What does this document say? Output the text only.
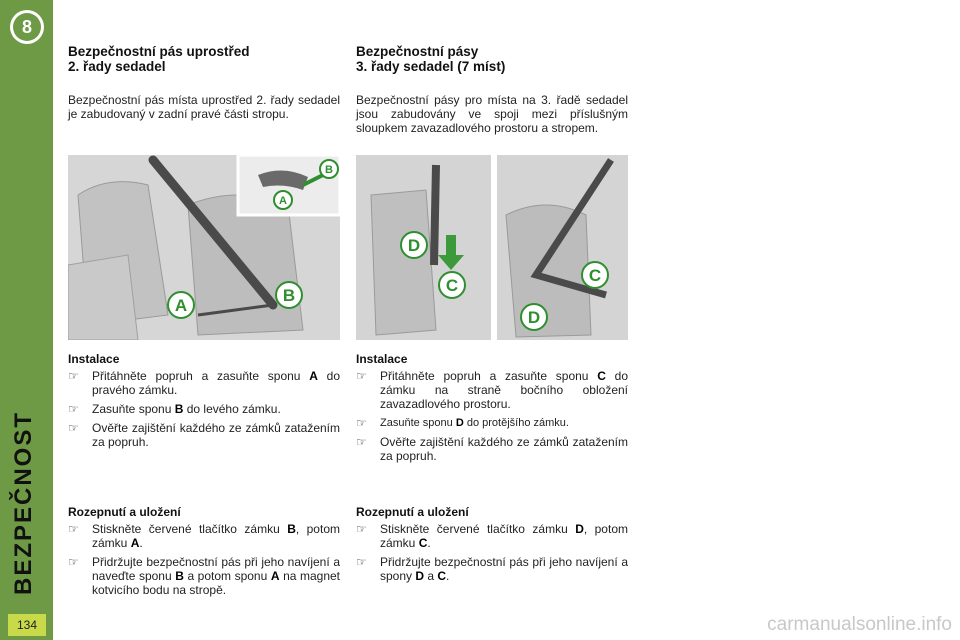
8
BEZPEČNOST
134
Bezpečnostní pás uprostřed
2. řady sedadel
Bezpečnostní pás místa uprostřed 2. řady sedadel je zabudovaný v zadní pravé části stropu.
A
B
A
B
Instalace
☞ Přitáhněte popruh a zasuňte sponu A do pravého zámku.
☞ Zasuňte sponu B do levého zámku.
☞ Ověřte zajištění každého ze zámků zatažením za popruh.
Rozepnutí a uložení
☞ Stiskněte červené tlačítko zámku B, potom zámku A.
☞ Přidržujte bezpečnostní pás při jeho navíjení a naveďte sponu B a potom sponu A na magnet kotvicího bodu na stropě.
Bezpečnostní pásy
3. řady sedadel (7 míst)
Bezpečnostní pásy pro místa na 3. řadě sedadel jsou zabudovány ve spoji mezi příslušným sloupkem zavazadlového prostoru a stropem.
D
C
C
D
Instalace
☞ Přitáhněte popruh a zasuňte sponu C do zámku na straně bočního obložení zavazadlového prostoru.
☞ Zasuňte sponu D do protějšího zámku.
☞ Ověřte zajištění každého ze zámků zatažením za popruh.
Rozepnutí a uložení
☞ Stiskněte červené tlačítko zámku D, potom zámku C.
☞ Přidržujte bezpečnostní pás při jeho navíjení a spony D a C.
carmanualsonline.info
